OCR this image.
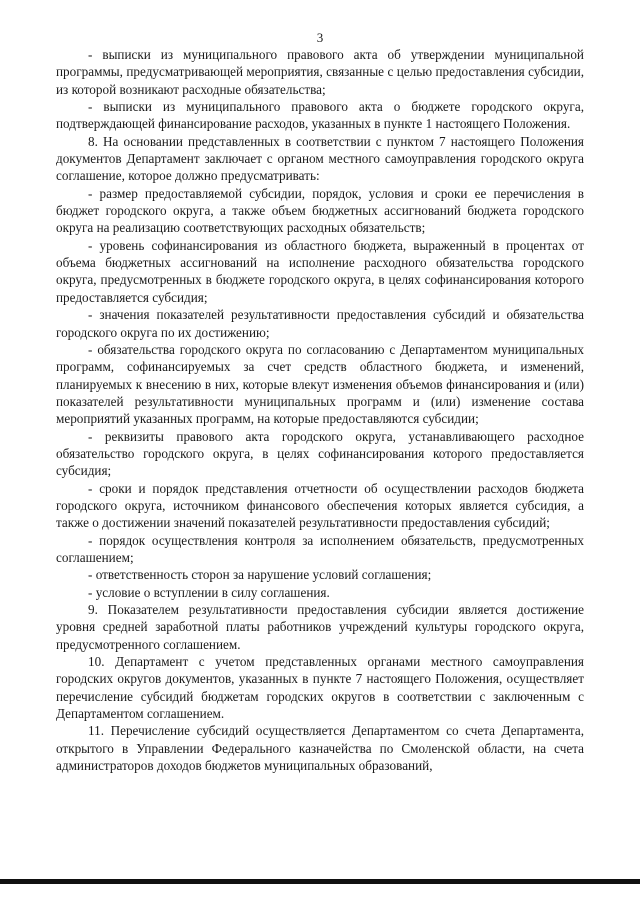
3

- выписки из муниципального правового акта об утверждении муниципальной программы, предусматривающей мероприятия, связанные с целью предоставления субсидии, из которой возникают расходные обязательства;

- выписки из муниципального правового акта о бюджете городского округа, подтверждающей финансирование расходов, указанных в пункте 1 настоящего Положения.

8. На основании представленных в соответствии с пунктом 7 настоящего Положения документов Департамент заключает с органом местного самоуправления городского округа соглашение, которое должно предусматривать:

- размер предоставляемой субсидии, порядок, условия и сроки ее перечисления в бюджет городского округа, а также объем бюджетных ассигнований бюджета городского округа на реализацию соответствующих расходных обязательств;

- уровень софинансирования из областного бюджета, выраженный в процентах от объема бюджетных ассигнований на исполнение расходного обязательства городского округа, предусмотренных в бюджете городского округа, в целях софинансирования которого предоставляется субсидия;

- значения показателей результативности предоставления субсидий и обязательства городского округа по их достижению;

- обязательства городского округа по согласованию с Департаментом муниципальных программ, софинансируемых за счет средств областного бюджета, и изменений, планируемых к внесению в них, которые влекут изменения объемов финансирования и (или) показателей результативности муниципальных программ и (или) изменение состава мероприятий указанных программ, на которые предоставляются субсидии;

- реквизиты правового акта городского округа, устанавливающего расходное обязательство городского округа, в целях софинансирования которого предоставляется субсидия;

- сроки и порядок представления отчетности об осуществлении расходов бюджета городского округа, источником финансового обеспечения которых является субсидия, а также о достижении значений показателей результативности предоставления субсидий;

- порядок осуществления контроля за исполнением обязательств, предусмотренных соглашением;

- ответственность сторон за нарушение условий соглашения;

- условие о вступлении в силу соглашения.

9. Показателем результативности предоставления субсидии является достижение уровня средней заработной платы работников учреждений культуры городского округа, предусмотренного соглашением.

10. Департамент с учетом представленных органами местного самоуправления городских округов документов, указанных в пункте 7 настоящего Положения, осуществляет перечисление субсидий бюджетам городских округов в соответствии с заключенным с Департаментом соглашением.

11. Перечисление субсидий осуществляется Департаментом со счета Департамента, открытого в Управлении Федерального казначейства по Смоленской области, на счета администраторов доходов бюджетов муниципальных образований,
